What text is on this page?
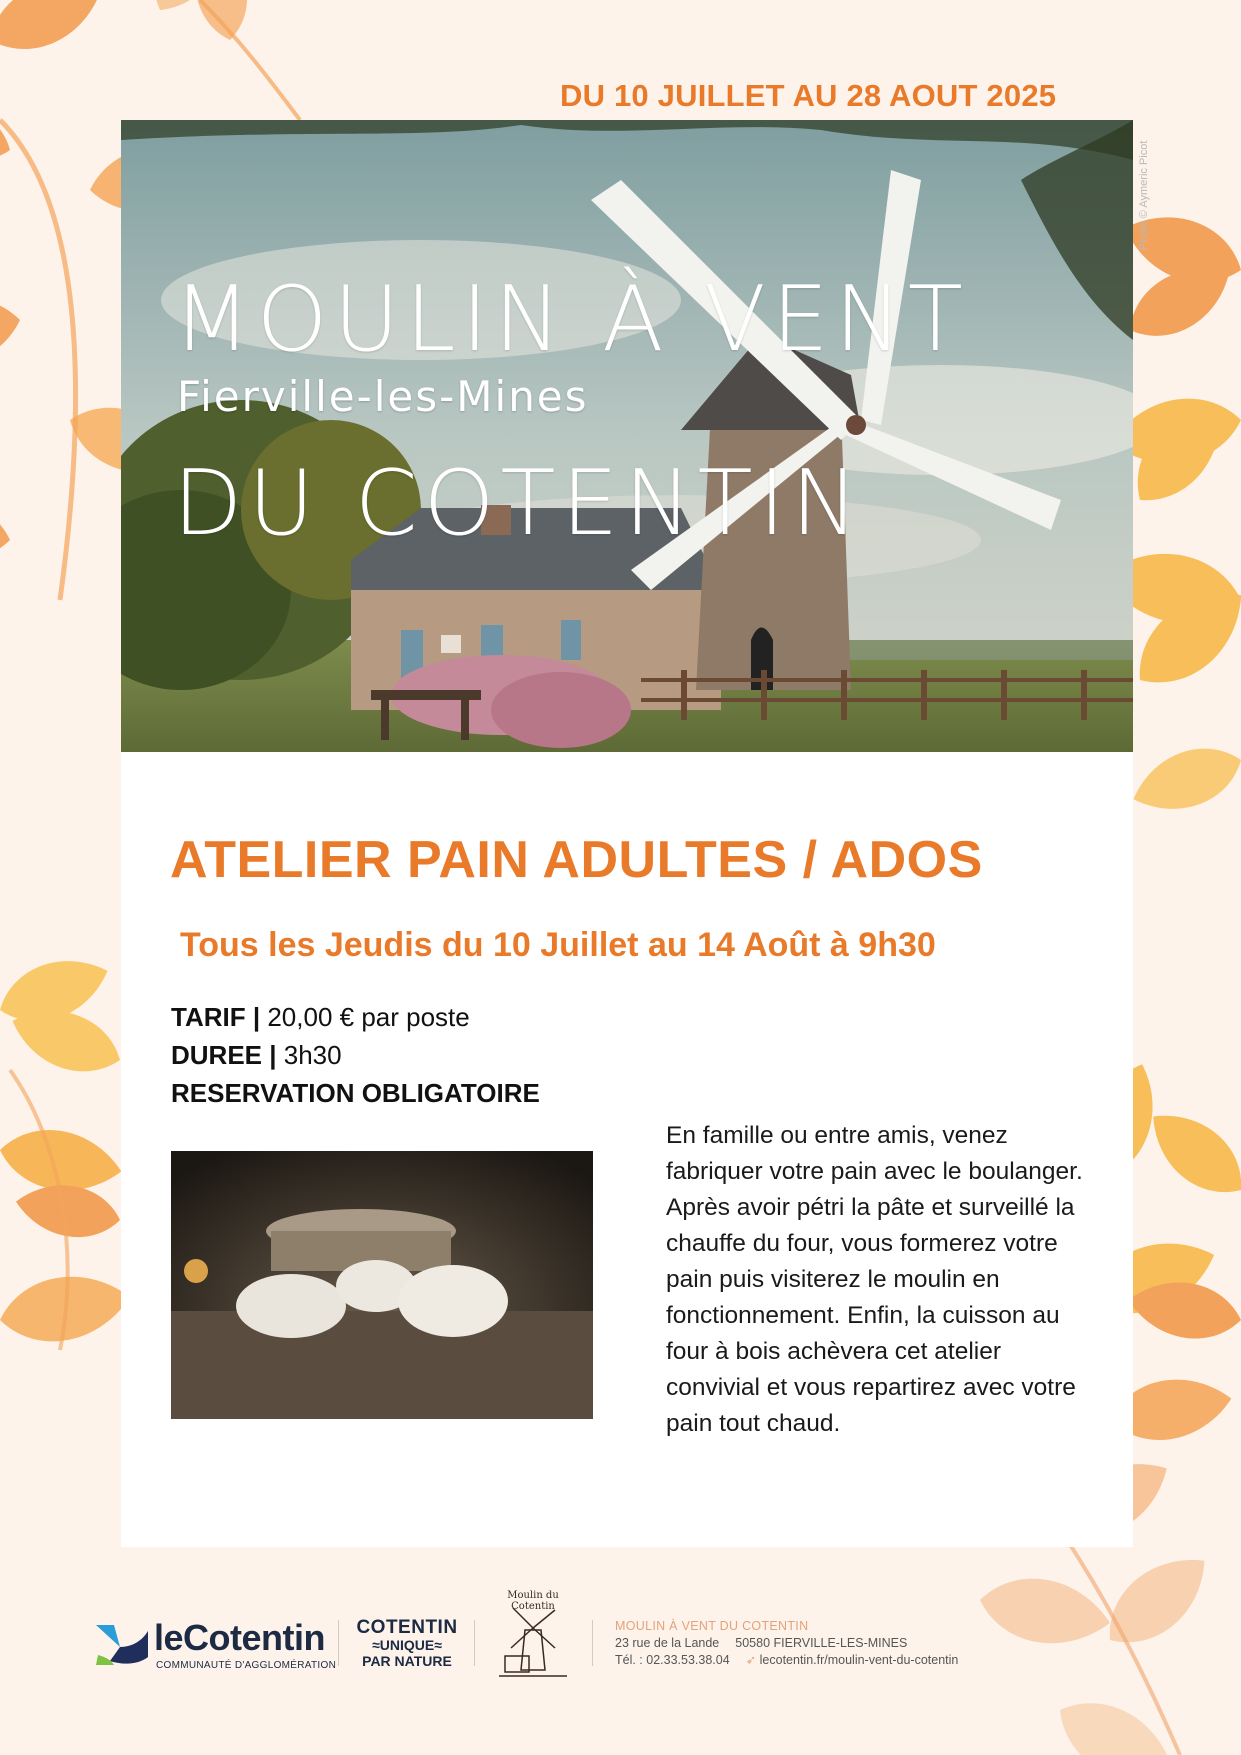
DU 10 JUILLET AU 28 AOUT 2025

MOULIN À VENT

DU COTENTIN

Fierville-les-Mines
Photo © Aymeric Picot
ATELIER PAIN ADULTES / ADOS
Tous les Jeudis du 10 Juillet au 14 Août à 9h30
TARIF | 20,00 € par poste
DUREE | 3h30
RESERVATION OBLIGATOIRE
En famille ou entre amis, venez fabriquer votre pain avec le boulanger. Après avoir pétri la pâte et surveillé la chauffe du four, vous formerez votre pain puis visiterez le moulin en fonctionnement. Enfin, la cuisson au four à bois achèvera cet atelier convivial et vous repartirez avec votre pain tout chaud.
leCotentin
COMMUNAUTÉ D'AGGLOMÉRATION
COTENTIN
≈UNIQUE≈
PAR NATURE
Moulin du Cotentin
MOULIN À VENT DU COTENTIN
23 rue de la Lande 50580 FIERVILLE-LES-MINES
Tél. : 02.33.53.38.04 ➶ lecotentin.fr/moulin-vent-du-cotentin
